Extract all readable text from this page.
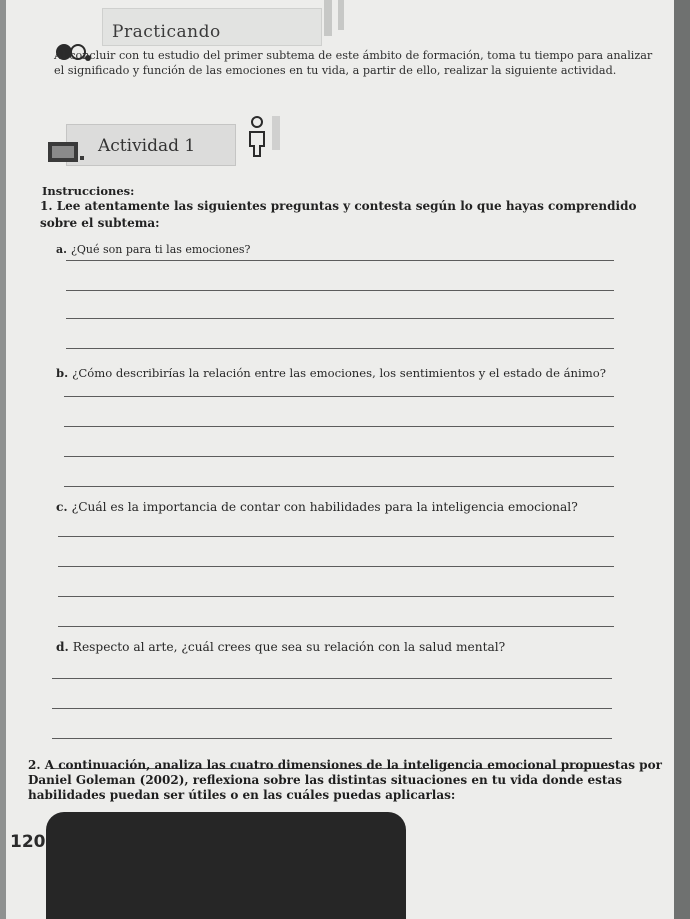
Practicando
Al concluir con tu estudio del primer subtema de este ámbito de formación, toma tu tiempo para analizar el significado y función de las emociones en tu vida, a partir de ello, realizar la siguiente actividad.
Actividad 1
Instrucciones:
1. Lee atentamente las siguientes preguntas y contesta según lo que hayas comprendido sobre el subtema:
a. ¿Qué son para ti las emociones?
b. ¿Cómo describirías la relación entre las emociones, los sentimientos y el estado de ánimo?
c. ¿Cuál es la importancia de contar con habilidades para la inteligencia emocional?
d. Respecto al arte, ¿cuál crees que sea su relación con la salud mental?
2. A continuación, analiza las cuatro dimensiones de la inteligencia emocional propuestas por Daniel Goleman (2002), reflexiona sobre las distintas situaciones en tu vida donde estas habilidades puedan ser útiles o en las cuáles puedas aplicarlas:
120
